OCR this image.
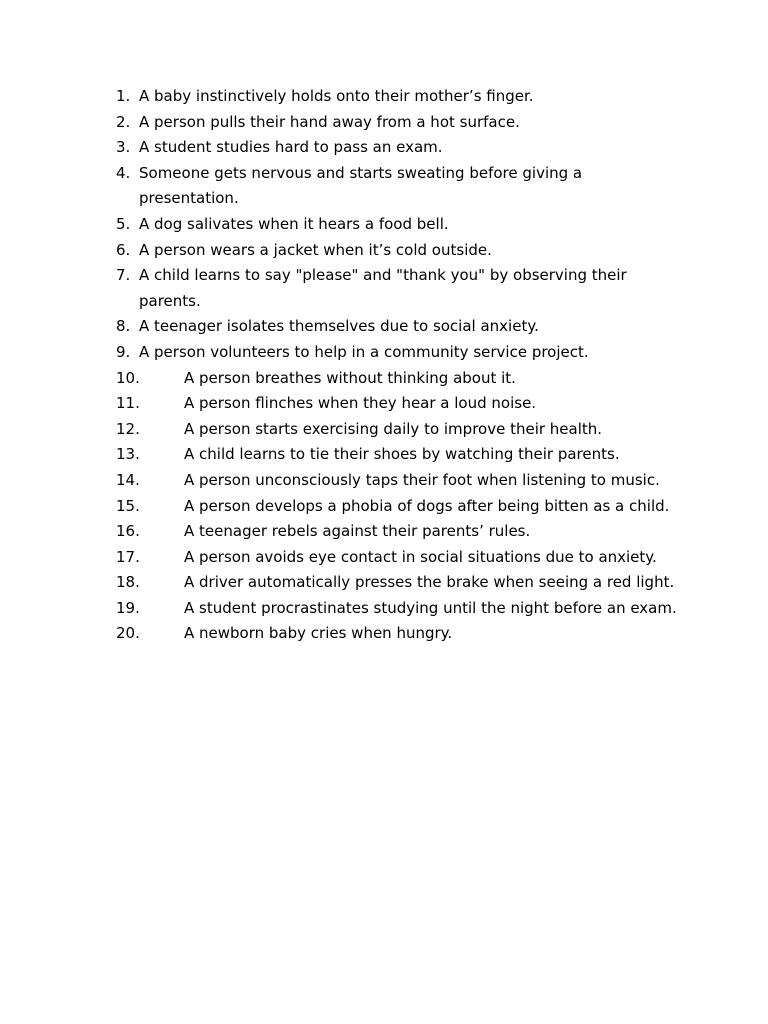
1. A baby instinctively holds onto their mother’s finger.
2. A person pulls their hand away from a hot surface.
3. A student studies hard to pass an exam.
4. Someone gets nervous and starts sweating before giving a presentation.
5. A dog salivates when it hears a food bell.
6. A person wears a jacket when it’s cold outside.
7. A child learns to say "please" and "thank you" by observing their parents.
8. A teenager isolates themselves due to social anxiety.
9. A person volunteers to help in a community service project.
10.	A person breathes without thinking about it.
11.	A person flinches when they hear a loud noise.
12.	A person starts exercising daily to improve their health.
13.	A child learns to tie their shoes by watching their parents.
14.	A person unconsciously taps their foot when listening to music.
15.	A person develops a phobia of dogs after being bitten as a child.
16.	A teenager rebels against their parents’ rules.
17.	A person avoids eye contact in social situations due to anxiety.
18.	A driver automatically presses the brake when seeing a red light.
19.	A student procrastinates studying until the night before an exam.
20.	A newborn baby cries when hungry.
